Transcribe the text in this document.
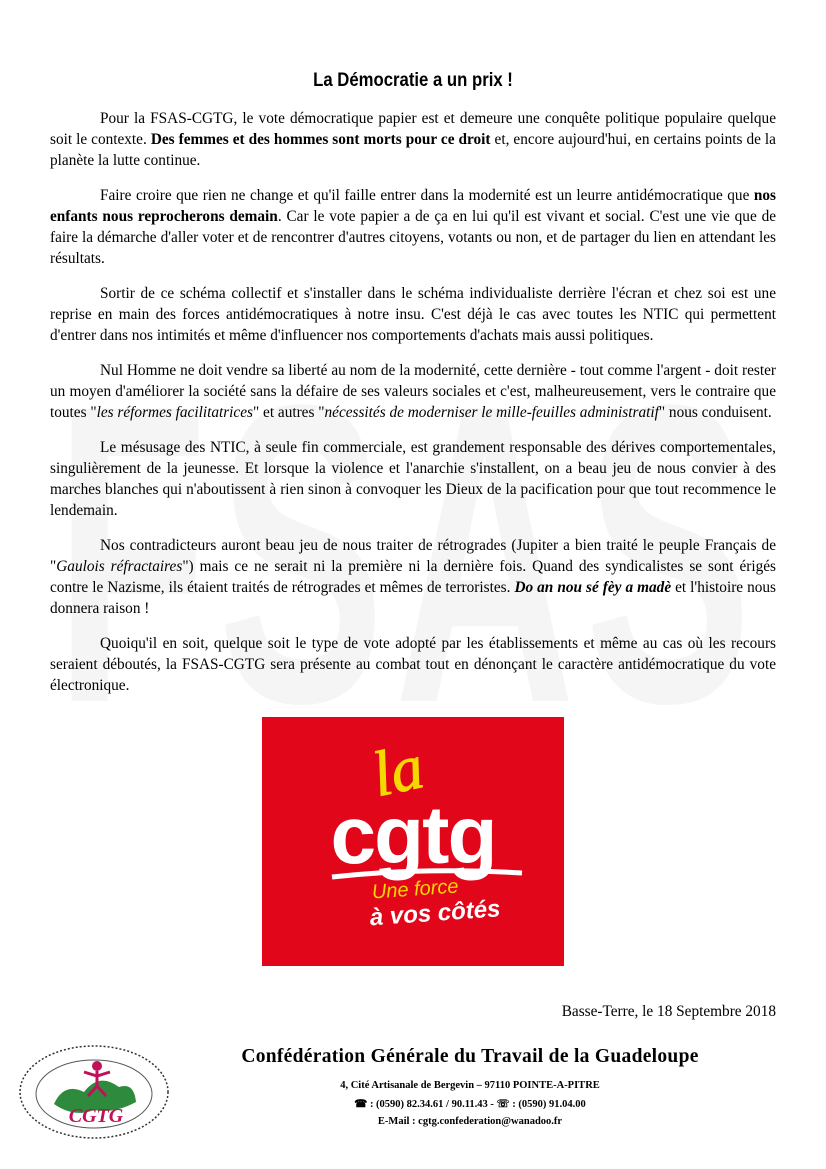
La Démocratie a un prix !

Pour la FSAS-CGTG, le vote démocratique papier est et demeure une conquête politique populaire quelque soit le contexte. Des femmes et des hommes sont morts pour ce droit et, encore aujourd'hui, en certains points de la planète la lutte continue.

Faire croire que rien ne change et qu'il faille entrer dans la modernité est un leurre antidémocratique que nos enfants nous reprocherons demain. Car le vote papier a de ça en lui qu'il est vivant et social. C'est une vie que de faire la démarche d'aller voter et de rencontrer d'autres citoyens, votants ou non, et de partager du lien en attendant les résultats.

Sortir de ce schéma collectif et s'installer dans le schéma individualiste derrière l'écran et chez soi est une reprise en main des forces antidémocratiques à notre insu. C'est déjà le cas avec toutes les NTIC qui permettent d'entrer dans nos intimités et même d'influencer nos comportements d'achats mais aussi politiques.

Nul Homme ne doit vendre sa liberté au nom de la modernité, cette dernière - tout comme l'argent - doit rester un moyen d'améliorer la société sans la défaire de ses valeurs sociales et c'est, malheureusement, vers le contraire que toutes "les réformes facilitatrices" et autres "nécessités de moderniser le mille-feuilles administratif" nous conduisent.

Le mésusage des NTIC, à seule fin commerciale, est grandement responsable des dérives comportementales, singulièrement de la jeunesse. Et lorsque la violence et l'anarchie s'installent, on a beau jeu de nous convier à des marches blanches qui n'aboutissent à rien sinon à convoquer les Dieux de la pacification pour que tout recommence le lendemain.

Nos contradicteurs auront beau jeu de nous traiter de rétrogrades (Jupiter a bien traité le peuple Français de "Gaulois réfractaires") mais ce ne serait ni la première ni la dernière fois. Quand des syndicalistes se sont érigés contre le Nazisme, ils étaient traités de rétrogrades et mêmes de terroristes. Do an nou sé fèy a madè et l'histoire nous donnera raison !

Quoiqu'il en soit, quelque soit le type de vote adopté par les établissements et même au cas où les recours seraient déboutés, la FSAS-CGTG sera présente au combat tout en dénonçant le caractère antidémocratique du vote électronique.

la
cgtg
Une force
à vos côtés
Basse-Terre, le 18 Septembre 2018
CGTG
Confédération Générale du Travail de la Guadeloupe
4, Cité Artisanale de Bergevin – 97110 POINTE-A-PITRE
☎ : (0590) 82.34.61 / 90.11.43 - ☏ : (0590) 91.04.00
E-Mail : cgtg.confederation@wanadoo.fr
